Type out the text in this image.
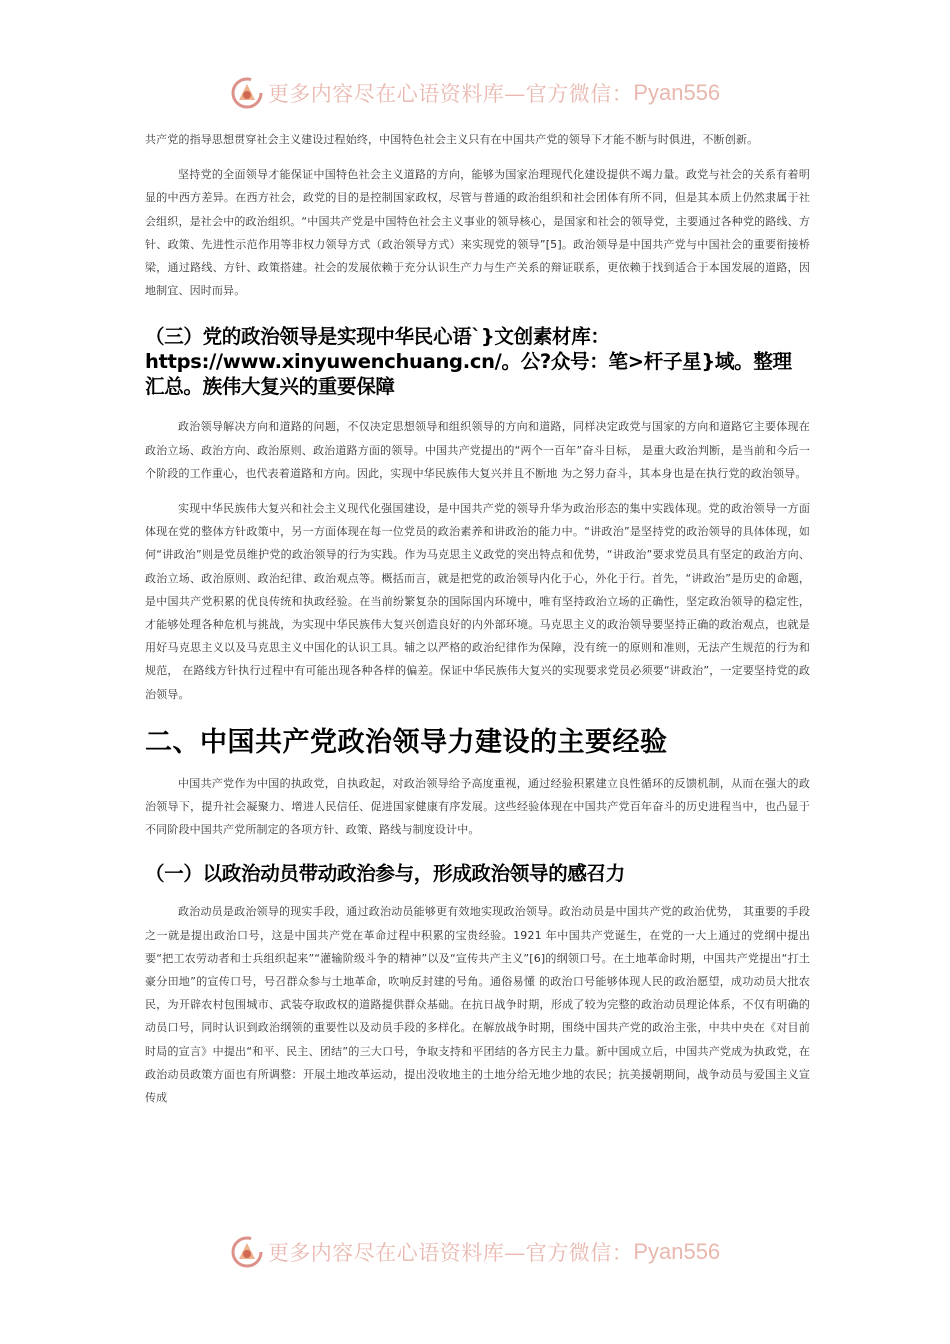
更多内容尽在心语资料库—官方微信： Pyan556

共产党的指导思想贯穿社会主义建设过程始终，中国特色社会主义只有在中国共产党的领导下才能不断与时俱进，不断创新。

坚持党的全面领导才能保证中国特色社会主义道路的方向，能够为国家治理现代化建设提供不竭力量。政党与社会的关系有着明显的中西方差异。在西方社会，政党的目的是控制国家政权，尽管与普通的政治组织和社会团体有所不同，但是其本质上仍然隶属于社会组织，是社会中的政治组织。“中国共产党是中国特色社会主义事业的领导核心，是国家和社会的领导党，主要通过各种党的路线、方针、政策、先进性示范作用等非权力领导方式（政治领导方式）来实现党的领导”[5]。政治领导是中国共产党与中国社会的重要衔接桥梁，通过路线、方针、政策搭建。社会的发展依赖于充分认识生产力与生产关系的辩证联系，更依赖于找到适合于本国发展的道路，因地制宜、因时而异。

（三）党的政治领导是实现中华民心语`}文创素材库：https://www.xinyuwenchuang.cn/。公?众号：笔>杆子星}域。整理汇总。族伟大复兴的重要保障

政治领导解决方向和道路的问题，不仅决定思想领导和组织领导的方向和道路，同样决定政党与国家的方向和道路它主要体现在政治立场、政治方向、政治原则、政治道路方面的领导。中国共产党提出的“两个一百年”奋斗目标， 是重大政治判断，是当前和今后一个阶段的工作重心，也代表着道路和方向。因此，实现中华民族伟大复兴并且不断地 为之努力奋斗，其本身也是在执行党的政治领导。

实现中华民族伟大复兴和社会主义现代化强国建设，是中国共产党的领导升华为政治形态的集中实践体现。党的政治领导一方面体现在党的整体方针政策中，另一方面体现在每一位党员的政治素养和讲政治的能力中。“讲政治”是坚持党的政治领导的具体体现，如何“讲政治”则是党员维护党的政治领导的行为实践。作为马克思主义政党的突出特点和优势，“讲政治”要求党员具有坚定的政治方向、政治立场、政治原则、政治纪律、政治观点等。概括而言，就是把党的政治领导内化于心，外化于行。首先，“讲政治”是历史的命题，是中国共产党积累的优良传统和执政经验。在当前纷繁复杂的国际国内环境中，唯有坚持政治立场的正确性，坚定政治领导的稳定性，才能够处理各种危机与挑战，为实现中华民族伟大复兴创造良好的内外部环境。马克思主义的政治领导要坚持正确的政治观点，也就是用好马克思主义以及马克思主义中国化的认识工具。辅之以严格的政治纪律作为保障，没有统一的原则和准则，无法产生规范的行为和规范， 在路线方针执行过程中有可能出现各种各样的偏差。保证中华民族伟大复兴的实现要求党员必须要“讲政治”，一定要坚持党的政治领导。

二、中国共产党政治领导力建设的主要经验

中国共产党作为中国的执政党，自执政起，对政治领导给予高度重视，通过经验积累建立良性循环的反馈机制，从而在强大的政治领导下，提升社会凝聚力、增进人民信任、促进国家健康有序发展。这些经验体现在中国共产党百年奋斗的历史进程当中，也凸显于不同阶段中国共产党所制定的各项方针、政策、路线与制度设计中。

（一）以政治动员带动政治参与，形成政治领导的感召力

政治动员是政治领导的现实手段，通过政治动员能够更有效地实现政治领导。政治动员是中国共产党的政治优势， 其重要的手段之一就是提出政治口号，这是中国共产党在革命过程中积累的宝贵经验。1921 年中国共产党诞生，在党的一大上通过的党纲中提出要“把工农劳动者和士兵组织起来”“灌输阶级斗争的精神”以及“宣传共产主义”[6]的纲领口号。在土地革命时期，中国共产党提出“打土豪分田地”的宣传口号，号召群众参与土地革命，吹响反封建的号角。通俗易懂 的政治口号能够体现人民的政治愿望，成功动员大批农民，为开辟农村包围城市、武装夺取政权的道路提供群众基础。在抗日战争时期，形成了较为完整的政治动员理论体系，不仅有明确的动员口号，同时认识到政治纲领的重要性以及动员手段的多样化。在解放战争时期，围绕中国共产党的政治主张，中共中央在《对目前时局的宣言》中提出“和平、民主、团结”的三大口号，争取支持和平团结的各方民主力量。新中国成立后，中国共产党成为执政党，在政治动员政策方面也有所调整：开展土地改革运动，提出没收地主的土地分给无地少地的农民；抗美援朝期间，战争动员与爱国主义宣传成

更多内容尽在心语资料库—官方微信： Pyan556
